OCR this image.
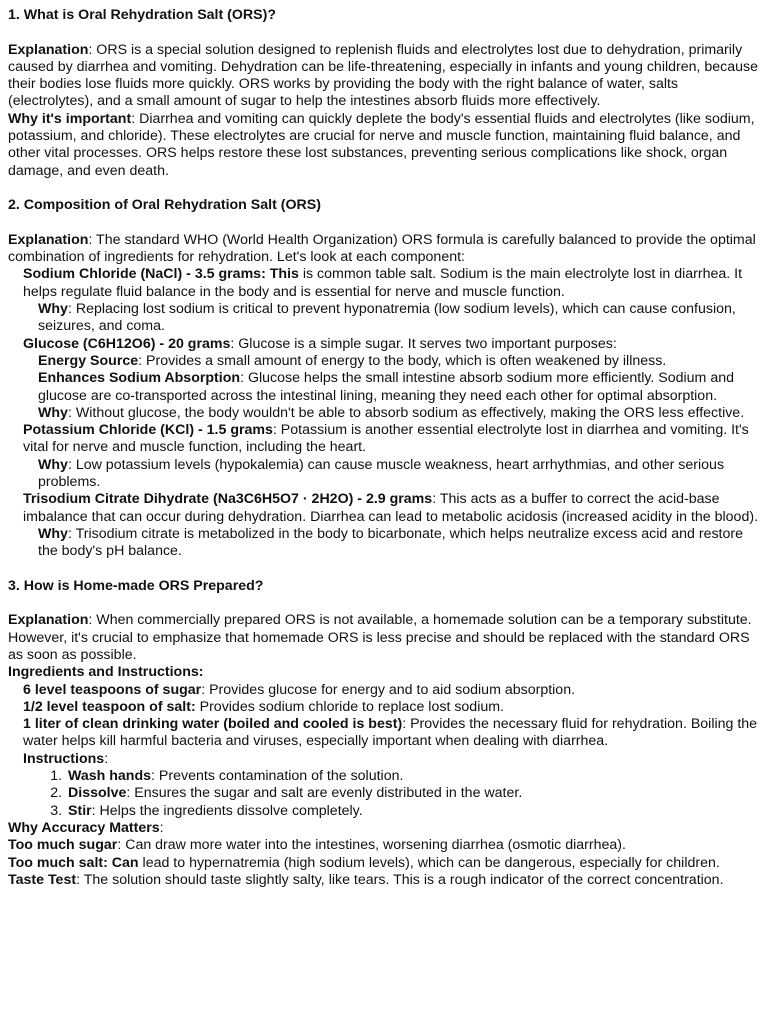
1. What is Oral Rehydration Salt (ORS)?

Explanation: ORS is a special solution designed to replenish fluids and electrolytes lost due to dehydration, primarily caused by diarrhea and vomiting. Dehydration can be life-threatening, especially in infants and young children, because their bodies lose fluids more quickly. ORS works by providing the body with the right balance of water, salts (electrolytes), and a small amount of sugar to help the intestines absorb fluids more effectively.

Why it's important: Diarrhea and vomiting can quickly deplete the body's essential fluids and electrolytes (like sodium, potassium, and chloride). These electrolytes are crucial for nerve and muscle function, maintaining fluid balance, and other vital processes. ORS helps restore these lost substances, preventing serious complications like shock, organ damage, and even death.

2. Composition of Oral Rehydration Salt (ORS)

Explanation: The standard WHO (World Health Organization) ORS formula is carefully balanced to provide the optimal combination of ingredients for rehydration. Let's look at each component:

Sodium Chloride (NaCl) - 3.5 grams: This is common table salt. Sodium is the main electrolyte lost in diarrhea. It helps regulate fluid balance in the body and is essential for nerve and muscle function.

Why: Replacing lost sodium is critical to prevent hyponatremia (low sodium levels), which can cause confusion, seizures, and coma.

Glucose (C6H12O6) - 20 grams: Glucose is a simple sugar. It serves two important purposes:

Energy Source: Provides a small amount of energy to the body, which is often weakened by illness.

Enhances Sodium Absorption: Glucose helps the small intestine absorb sodium more efficiently. Sodium and glucose are co-transported across the intestinal lining, meaning they need each other for optimal absorption.

Why: Without glucose, the body wouldn't be able to absorb sodium as effectively, making the ORS less effective.

Potassium Chloride (KCl) - 1.5 grams: Potassium is another essential electrolyte lost in diarrhea and vomiting. It's vital for nerve and muscle function, including the heart.

Why: Low potassium levels (hypokalemia) can cause muscle weakness, heart arrhythmias, and other serious problems.

Trisodium Citrate Dihydrate (Na3C6H5O7 · 2H2O) - 2.9 grams: This acts as a buffer to correct the acid-base imbalance that can occur during dehydration. Diarrhea can lead to metabolic acidosis (increased acidity in the blood).

Why: Trisodium citrate is metabolized in the body to bicarbonate, which helps neutralize excess acid and restore the body's pH balance.

3. How is Home-made ORS Prepared?

Explanation: When commercially prepared ORS is not available, a homemade solution can be a temporary substitute. However, it's crucial to emphasize that homemade ORS is less precise and should be replaced with the standard ORS as soon as possible.

Ingredients and Instructions:

6 level teaspoons of sugar: Provides glucose for energy and to aid sodium absorption.

1/2 level teaspoon of salt: Provides sodium chloride to replace lost sodium.

1 liter of clean drinking water (boiled and cooled is best): Provides the necessary fluid for rehydration. Boiling the water helps kill harmful bacteria and viruses, especially important when dealing with diarrhea.

Instructions:

1. Wash hands: Prevents contamination of the solution.
2. Dissolve: Ensures the sugar and salt are evenly distributed in the water.
3. Stir: Helps the ingredients dissolve completely.

Why Accuracy Matters:

Too much sugar: Can draw more water into the intestines, worsening diarrhea (osmotic diarrhea).

Too much salt: Can lead to hypernatremia (high sodium levels), which can be dangerous, especially for children.

Taste Test: The solution should taste slightly salty, like tears. This is a rough indicator of the correct concentration.
